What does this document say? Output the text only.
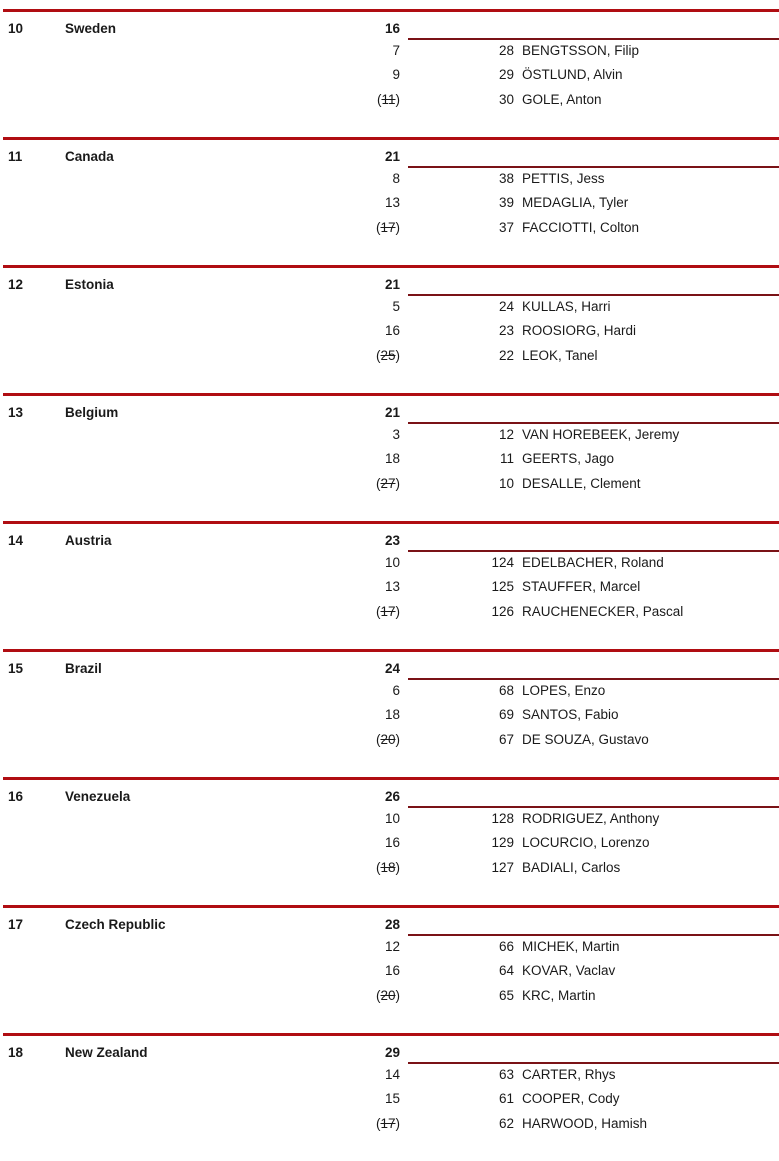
10	Sweden	16
7	28 BENGTSSON, Filip
9	29 ÖSTLUND, Alvin
(11)	30 GOLE, Anton
11	Canada	21
8	38 PETTIS, Jess
13	39 MEDAGLIA, Tyler
(17)	37 FACCIOTTI, Colton
12	Estonia	21
5	24 KULLAS, Harri
16	23 ROOSIORG, Hardi
(25)	22 LEOK, Tanel
13	Belgium	21
3	12 VAN HOREBEEK, Jeremy
18	11 GEERTS, Jago
(27)	10 DESALLE, Clement
14	Austria	23
10	124 EDELBACHER, Roland
13	125 STAUFFER, Marcel
(17)	126 RAUCHENECKER, Pascal
15	Brazil	24
6	68 LOPES, Enzo
18	69 SANTOS, Fabio
(20)	67 DE SOUZA, Gustavo
16	Venezuela	26
10	128 RODRIGUEZ, Anthony
16	129 LOCURCIO, Lorenzo
(18)	127 BADIALI, Carlos
17	Czech Republic	28
12	66 MICHEK, Martin
16	64 KOVAR, Vaclav
(20)	65 KRC, Martin
18	New Zealand	29
14	63 CARTER, Rhys
15	61 COOPER, Cody
(17)	62 HARWOOD, Hamish
